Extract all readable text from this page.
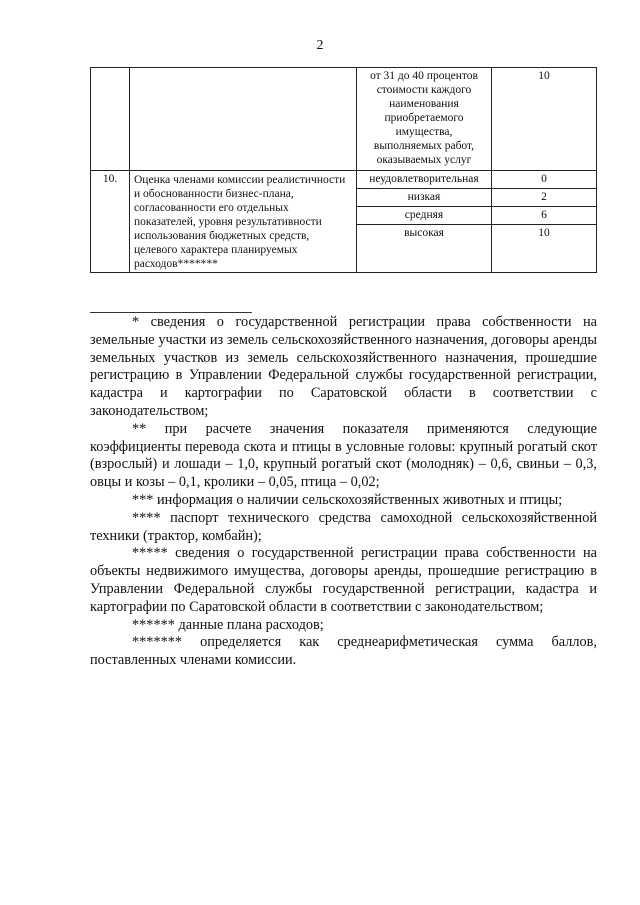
2
		от 31 до 40 процентов стоимости каждого наименования приобретаемого имущества, выполняемых работ, оказываемых услуг	10
10.	Оценка членами комиссии реалистичности и обоснованности бизнес-плана, согласованности его отдельных показателей, уровня результативности использования бюджетных средств, целевого характера планируемых расходов*******	неудовлетворительная	0
		низкая	2
		средняя	6
		высокая	10

* сведения о государственной регистрации права собственности на земельные участки из земель сельскохозяйственного назначения, договоры аренды земельных участков из земель сельскохозяйственного назначения, прошедшие регистрацию в Управлении Федеральной службы государственной регистрации, кадастра и картографии по Саратовской области в соответствии с законодательством;

** при расчете значения показателя применяются следующие коэффициенты перевода скота и птицы в условные головы: крупный рогатый скот (взрослый) и лошади – 1,0, крупный рогатый скот (молодняк) – 0,6, свиньи – 0,3, овцы и козы – 0,1, кролики – 0,05, птица – 0,02;

*** информация о наличии сельскохозяйственных животных и птицы;

**** паспорт технического средства самоходной сельскохозяйственной техники (трактор, комбайн);

***** сведения о государственной регистрации права собственности на объекты недвижимого имущества, договоры аренды, прошедшие регистрацию в Управлении Федеральной службы государственной регистрации, кадастра и картографии по Саратовской области в соответствии с законодательством;

****** данные плана расходов;

******* определяется как среднеарифметическая сумма баллов, поставленных членами комиссии.
